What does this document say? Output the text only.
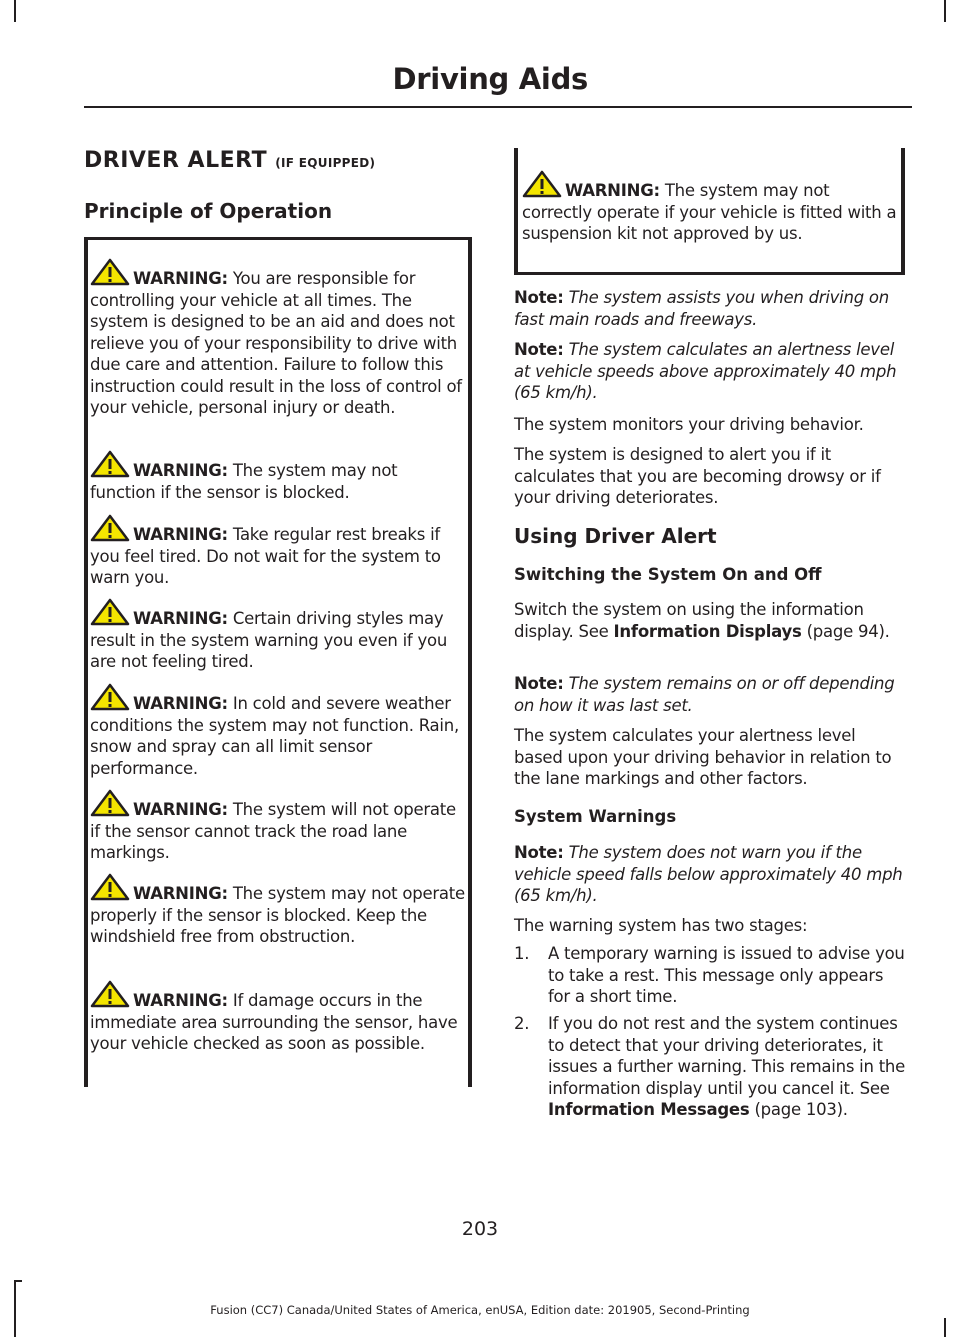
Driving Aids
DRIVER ALERT (IF EQUIPPED)
Principle of Operation
WARNING: You are responsible for controlling your vehicle at all times. The system is designed to be an aid and does not relieve you of your responsibility to drive with due care and attention. Failure to follow this instruction could result in the loss of control of your vehicle, personal injury or death.
WARNING: The system may not function if the sensor is blocked.
WARNING: Take regular rest breaks if you feel tired. Do not wait for the system to warn you.
WARNING: Certain driving styles may result in the system warning you even if you are not feeling tired.
WARNING: In cold and severe weather conditions the system may not function. Rain, snow and spray can all limit sensor performance.
WARNING: The system will not operate if the sensor cannot track the road lane markings.
WARNING: The system may not operate properly if the sensor is blocked. Keep the windshield free from obstruction.
WARNING: If damage occurs in the immediate area surrounding the sensor, have your vehicle checked as soon as possible.
WARNING: The system may not correctly operate if your vehicle is fitted with a suspension kit not approved by us.
Note: The system assists you when driving on fast main roads and freeways.
Note: The system calculates an alertness level at vehicle speeds above approximately 40 mph (65 km/h).
The system monitors your driving behavior.
The system is designed to alert you if it calculates that you are becoming drowsy or if your driving deteriorates.
Using Driver Alert
Switching the System On and Off
Switch the system on using the information display. See Information Displays (page 94).
Note: The system remains on or off depending on how it was last set.
The system calculates your alertness level based upon your driving behavior in relation to the lane markings and other factors.
System Warnings
Note: The system does not warn you if the vehicle speed falls below approximately 40 mph (65 km/h).
The warning system has two stages:
1. A temporary warning is issued to advise you to take a rest. This message only appears for a short time.
2. If you do not rest and the system continues to detect that your driving deteriorates, it issues a further warning. This remains in the information display until you cancel it. See Information Messages (page 103).
203
Fusion (CC7) Canada/United States of America, enUSA, Edition date: 201905, Second-Printing
